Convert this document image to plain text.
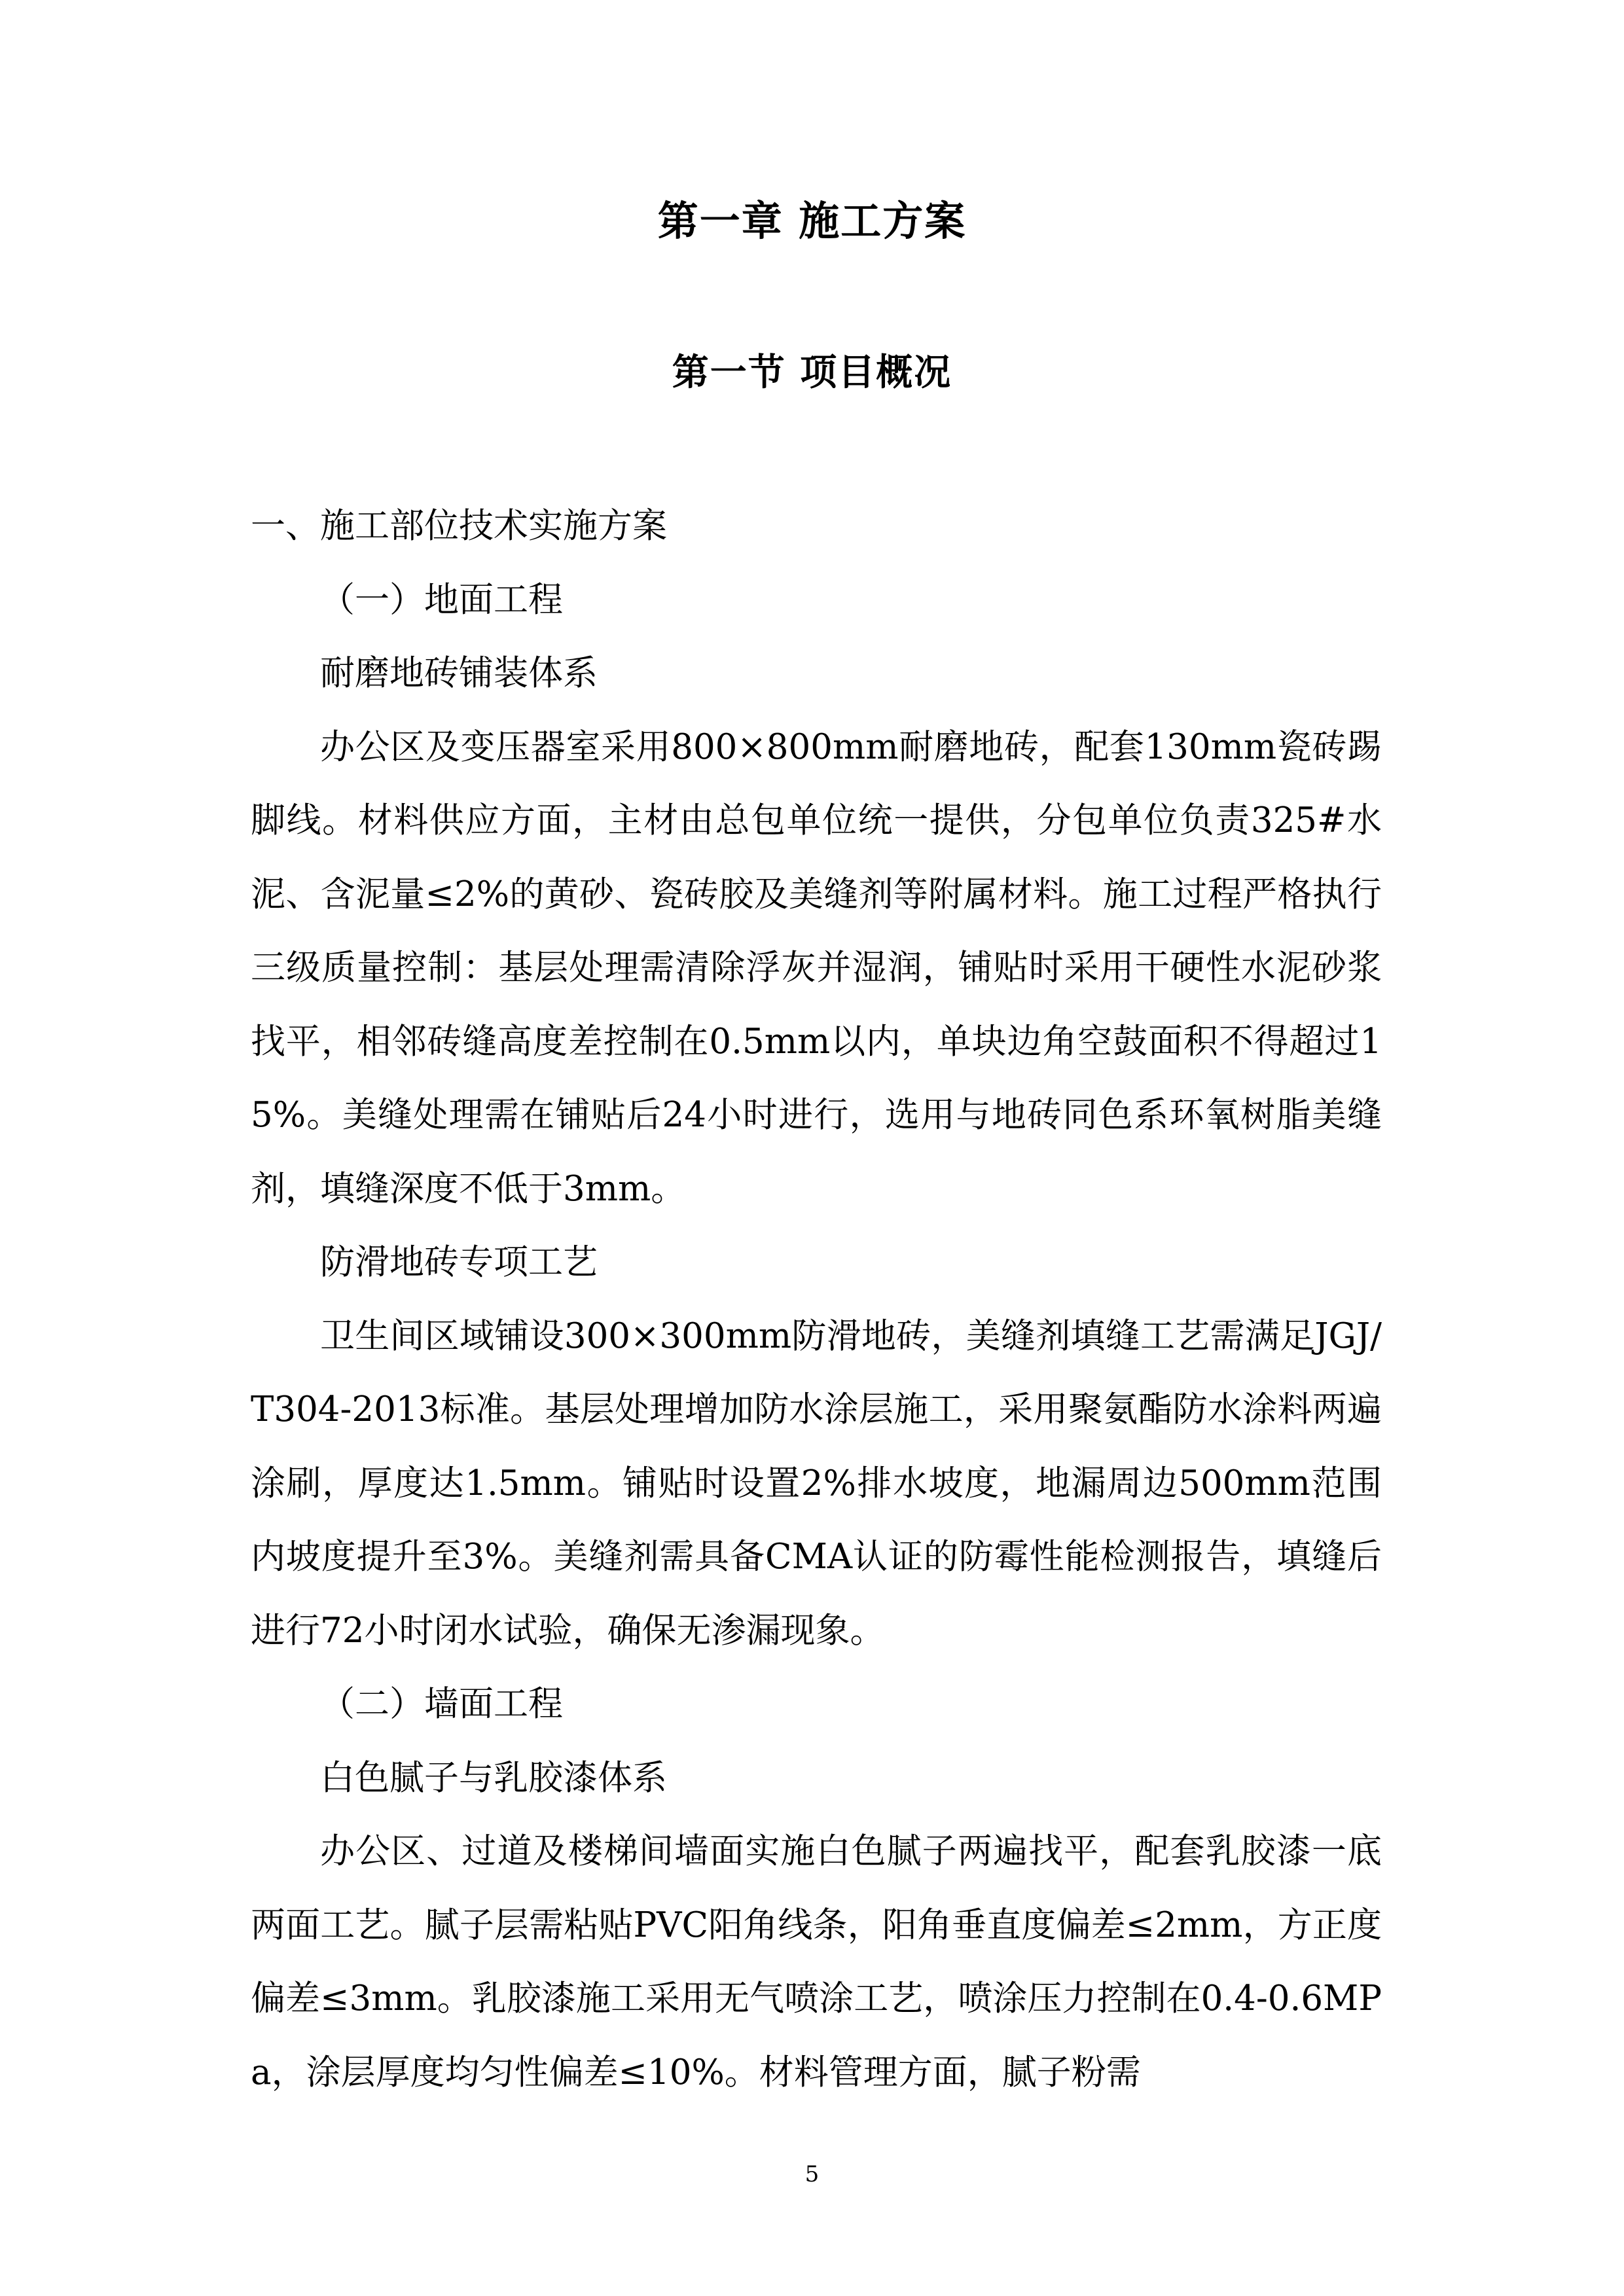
第一章 施工方案
第一节 项目概况

一、施工部位技术实施方案

（一）地面工程

耐磨地砖铺装体系

办公区及变压器室采用800×800mm耐磨地砖，配套130mm瓷砖踢脚线。材料供应方面，主材由总包单位统一提供，分包单位负责325#水泥、含泥量≤2%的黄砂、瓷砖胶及美缝剂等附属材料。施工过程严格执行三级质量控制：基层处理需清除浮灰并湿润，铺贴时采用干硬性水泥砂浆找平，相邻砖缝高度差控制在0.5mm以内，单块边角空鼓面积不得超过15%。美缝处理需在铺贴后24小时进行，选用与地砖同色系环氧树脂美缝剂，填缝深度不低于3mm。

防滑地砖专项工艺

卫生间区域铺设300×300mm防滑地砖，美缝剂填缝工艺需满足JGJ/T304-2013标准。基层处理增加防水涂层施工，采用聚氨酯防水涂料两遍涂刷，厚度达1.5mm。铺贴时设置2%排水坡度，地漏周边500mm范围内坡度提升至3%。美缝剂需具备CMA认证的防霉性能检测报告，填缝后进行72小时闭水试验，确保无渗漏现象。

（二）墙面工程

白色腻子与乳胶漆体系

办公区、过道及楼梯间墙面实施白色腻子两遍找平，配套乳胶漆一底两面工艺。腻子层需粘贴PVC阳角线条，阳角垂直度偏差≤2mm，方正度偏差≤3mm。乳胶漆施工采用无气喷涂工艺，喷涂压力控制在0.4-0.6MPa，涂层厚度均匀性偏差≤10%。材料管理方面，腻子粉需

5
